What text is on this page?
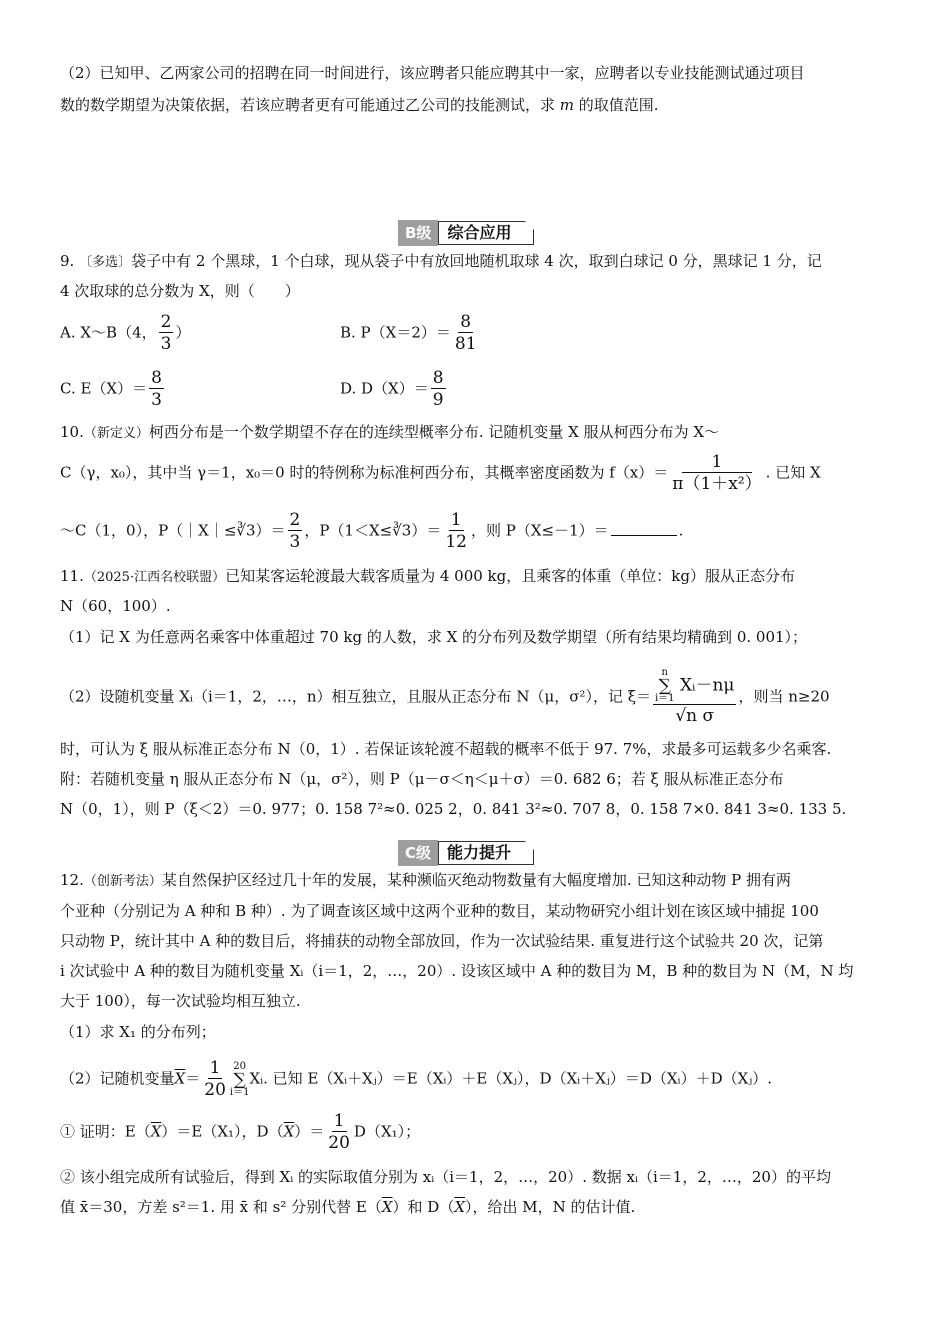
（2）已知甲、乙两家公司的招聘在同一时间进行，该应聘者只能应聘其中一家，应聘者以专业技能测试通过项目
数的数学期望为决策依据，若该应聘者更有可能通过乙公司的技能测试，求 m 的取值范围.
B级	综合应用
9. 〔多选〕袋子中有 2 个黑球，1 个白球，现从袋子中有放回地随机取球 4 次，取到白球记 0 分，黑球记 1 分，记
4 次取球的总分数为 X，则（　　）
A. X～B（4， $\frac{2}{3}$ ）	B. $P(X=2)= \frac{8}{81}$
C. $E(X)= \frac{8}{3}$	D. $D(X)= \frac{8}{9}$
10.（新定义）柯西分布是一个数学期望不存在的连续型概率分布. 记随机变量 X 服从柯西分布为 X～
C（γ，x₀），其中当 γ＝1，x₀＝0 时的特例称为标准柯西分布，其概率密度函数为 $f(x)= \frac{1}{\text{π（1＋x²）}}$ . 已知 X
～C（1，0），P（｜X｜≤∛3）＝ $\frac{2}{3}$ ，P（1＜X≤∛3）＝ $\frac{1}{12}$ ，则 P（X≤－1）＝	.
11.（2025·江西名校联盟）已知某客运轮渡最大载客质量为 4 000 kg，且乘客的体重（单位：kg）服从正态分布
N（60，100）.
（1）记 X 为任意两名乘客中体重超过 70 kg 的人数，求 X 的分布列及数学期望（所有结果均精确到 0. 001）；
（2）设随机变量 Xᵢ（i＝1，2，…，n）相互独立，且服从正态分布 N（μ，σ²），记 ξ＝ n
∑
i＝1
Xᵢ－nμ
√n σ ，则当 n≥20
时，可认为 ξ 服从标准正态分布 N（0，1）. 若保证该轮渡不超载的概率不低于 97. 7%，求最多可运载多少名乘客.
附：若随机变量 η 服从正态分布 N（μ，σ²），则 P（μ－σ＜η＜μ＋σ）＝0. 682 6；若 ξ 服从标准正态分布
N（0，1），则 P（ξ＜2）＝0. 977；0. 158 7²≈0. 025 2，0. 841 3²≈0. 707 8，0. 158 7×0. 841 3≈0. 133 5.
C级	能力提升
12.（创新考法）某自然保护区经过几十年的发展，某种濒临灭绝动物数量有大幅度增加. 已知这种动物 P 拥有两
个亚种（分别记为 A 种和 B 种）. 为了调查该区域中这两个亚种的数目，某动物研究小组计划在该区域中捕捉 100
只动物 P，统计其中 A 种的数目后，将捕获的动物全部放回，作为一次试验结果. 重复进行这个试验共 20 次，记第
i 次试验中 A 种的数目为随机变量 Xᵢ（i＝1，2，…，20）. 设该区域中 A 种的数目为 M，B 种的数目为 N（M，N 均
大于 100），每一次试验均相互独立.
（1）求 X₁ 的分布列；
（2）记随机变量$\overline{X}= \frac{1}{20} 20$
∑
i＝1
Xᵢ. 已知 E（Xᵢ＋Xⱼ）＝E（Xᵢ）＋E（Xⱼ），D（Xᵢ＋Xⱼ）＝D（Xᵢ）＋D（Xⱼ）.
① 证明：$E(\overline{X})=E(X_1)$，$D(\overline{X})= \frac{1}{20} D(X_1)$；
② 该小组完成所有试验后，得到 Xᵢ 的实际取值分别为 xᵢ（i＝1，2，…，20）. 数据 xᵢ（i＝1，2，…，20）的平均
值 x̄＝30，方差 s²＝1. 用 x̄ 和 s² 分别代替 $E(\overline{X})$和 $D(\overline{X})$，给出 M，N 的估计值.
